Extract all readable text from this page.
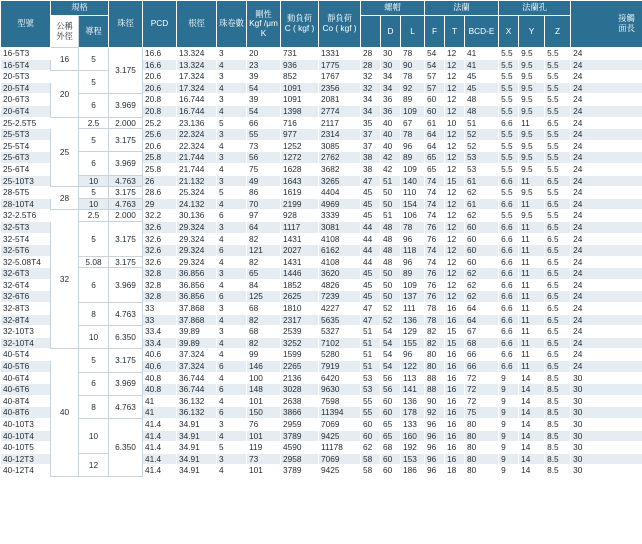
型號	規格		珠徑	PCD	根徑	珠卷數	剛性
Kgf /μm
K	動負荷
C ( kgf )	靜負荷
Co ( kgf )	螺帽			法蘭			法蘭孔			接觸
面長
	公稱
外徑	導程									D	L	F	T	BCD-E	X	Y	Z	

16-5T3	16	5	3.175	16.6	13.324	3	20	731	1331	28	30	78	54	12	41	5.5	9.5	5.5	24
16-5T4				16.6	13.324	4	23	936	1775	28	30	90	54	12	41	5.5	9.5	5.5	24
20-5T3	20	5		20.6	17.324	3	39	852	1767	32	34	78	57	12	45	5.5	9.5	5.5	24
20-5T4				20.6	17.324	4	54	1091	2356	32	34	92	57	12	45	5.5	9.5	5.5	24
20-6T3		6	3.969	20.8	16.744	3	39	1091	2081	34	36	89	60	12	48	5.5	9.5	5.5	24
20-6T4				20.8	16.744	4	54	1398	2774	34	36	109	60	12	48	5.5	9.5	5.5	24
25-2.5T5	25	2.5	2.000	25.2	23.136	5	66	716	2117	35	40	67	61	10	51	6.6	11	6.5	24
25-5T3		5	3.175	25.6	22.324	3	55	977	2314	37	40	78	64	12	52	5.5	9.5	5.5	24
25-5T4				20.6	22.324	4	73	1252	3085	37	40	96	64	12	52	5.5	9.5	5.5	24
25-6T3		6	3.969	25.8	21.744	3	56	1272	2762	38	42	89	65	12	53	5.5	9.5	5.5	24
25-6T4				25.8	21.744	4	75	1628	3682	38	42	109	65	12	53	5.5	9.5	5.5	24
25-10T3		10	4.763	26	21.132	3	49	1643	3265	47	51	140	74	15	61	6.6	11	6.5	24
28-5T5	28	5	3.175	28.6	25.324	5	86	1619	4404	45	50	110	74	12	62	5.5	9.5	5.5	24
28-10T4		10	4.763	29	24.132	4	70	2199	4969	45	50	154	74	12	61	6.6	11	6.5	24
32-2.5T6	32	2.5	2.000	32.2	30.136	6	97	928	3339	45	51	106	74	12	62	5.5	9.5	5.5	24
32-5T3		5	3.175	32.6	29.324	3	64	1117	3081	44	48	78	76	12	60	6.6	11	6.5	24
32-5T4				32.6	29.324	4	82	1431	4108	44	48	96	76	12	60	6.6	11	6.5	24
32-5T6				32.6	29.324	6	121	2027	6162	44	48	118	74	12	60	6.6	11	6.5	24
32-5.08T4		5.08	3.175	32.6	29.324	4	82	1431	4108	44	48	96	74	12	60	6.6	11	6.5	24
32-6T3		6	3.969	32.8	36.856	3	65	1446	3620	45	50	89	76	12	62	6.6	11	6.5	24
32-6T4				32.8	36.856	4	84	1852	4826	45	50	109	76	12	62	6.6	11	6.5	24
32-6T6				32.8	36.856	6	125	2625	7239	45	50	137	76	12	62	6.6	11	6.5	24
32-8T3		8	4.763	33	37.868	3	68	1810	4227	47	52	111	78	16	64	6.6	11	6.5	24
32-8T4				33	37.868	4	82	2317	5635	47	52	136	78	16	64	6.6	11	6.5	24
32-10T3		10	6.350	33.4	39.89	3	68	2539	5327	51	54	129	82	15	67	6.6	11	6.5	24
32-10T4				33.4	39.89	4	82	3252	7102	51	54	155	82	15	68	6.6	11	6.5	24
40-5T4	40	5	3.175	40.6	37.324	4	99	1599	5280	51	54	96	80	16	66	6.6	11	6.5	24
40-5T6				40.6	37.324	6	146	2265	7919	51	54	122	80	16	66	6.6	11	6.5	24
40-6T4		6	3.969	40.8	36.744	4	100	2136	6420	53	56	113	88	16	72	9	14	8.5	30
40-6T6				40.8	36.744	6	148	3028	9630	53	56	141	88	16	72	9	14	8.5	30
40-8T4		8	4.763	41	36.132	4	101	2638	7598	55	60	136	90	16	72	9	14	8.5	30
40-8T6				41	36.132	6	150	3866	11394	55	60	178	92	16	75	9	14	8.5	30
40-10T3		10	6.350	41.4	34.91	3	76	2959	7069	60	65	133	96	16	80	9	14	8.5	30
40-10T4				41.4	34.91	4	101	3789	9425	60	65	160	96	16	80	9	14	8.5	30
40-10T5				41.4	34.91	5	119	4590	11178	62	68	192	96	16	80	9	14	8.5	30
40-12T3		12		41.4	34.91	3	73	2958	7069	58	60	153	96	16	80	9	14	8.5	30
40-12T4				41.4	34.91	4	101	3789	9425	58	60	186	96	18	80	9	14	8.5	30
